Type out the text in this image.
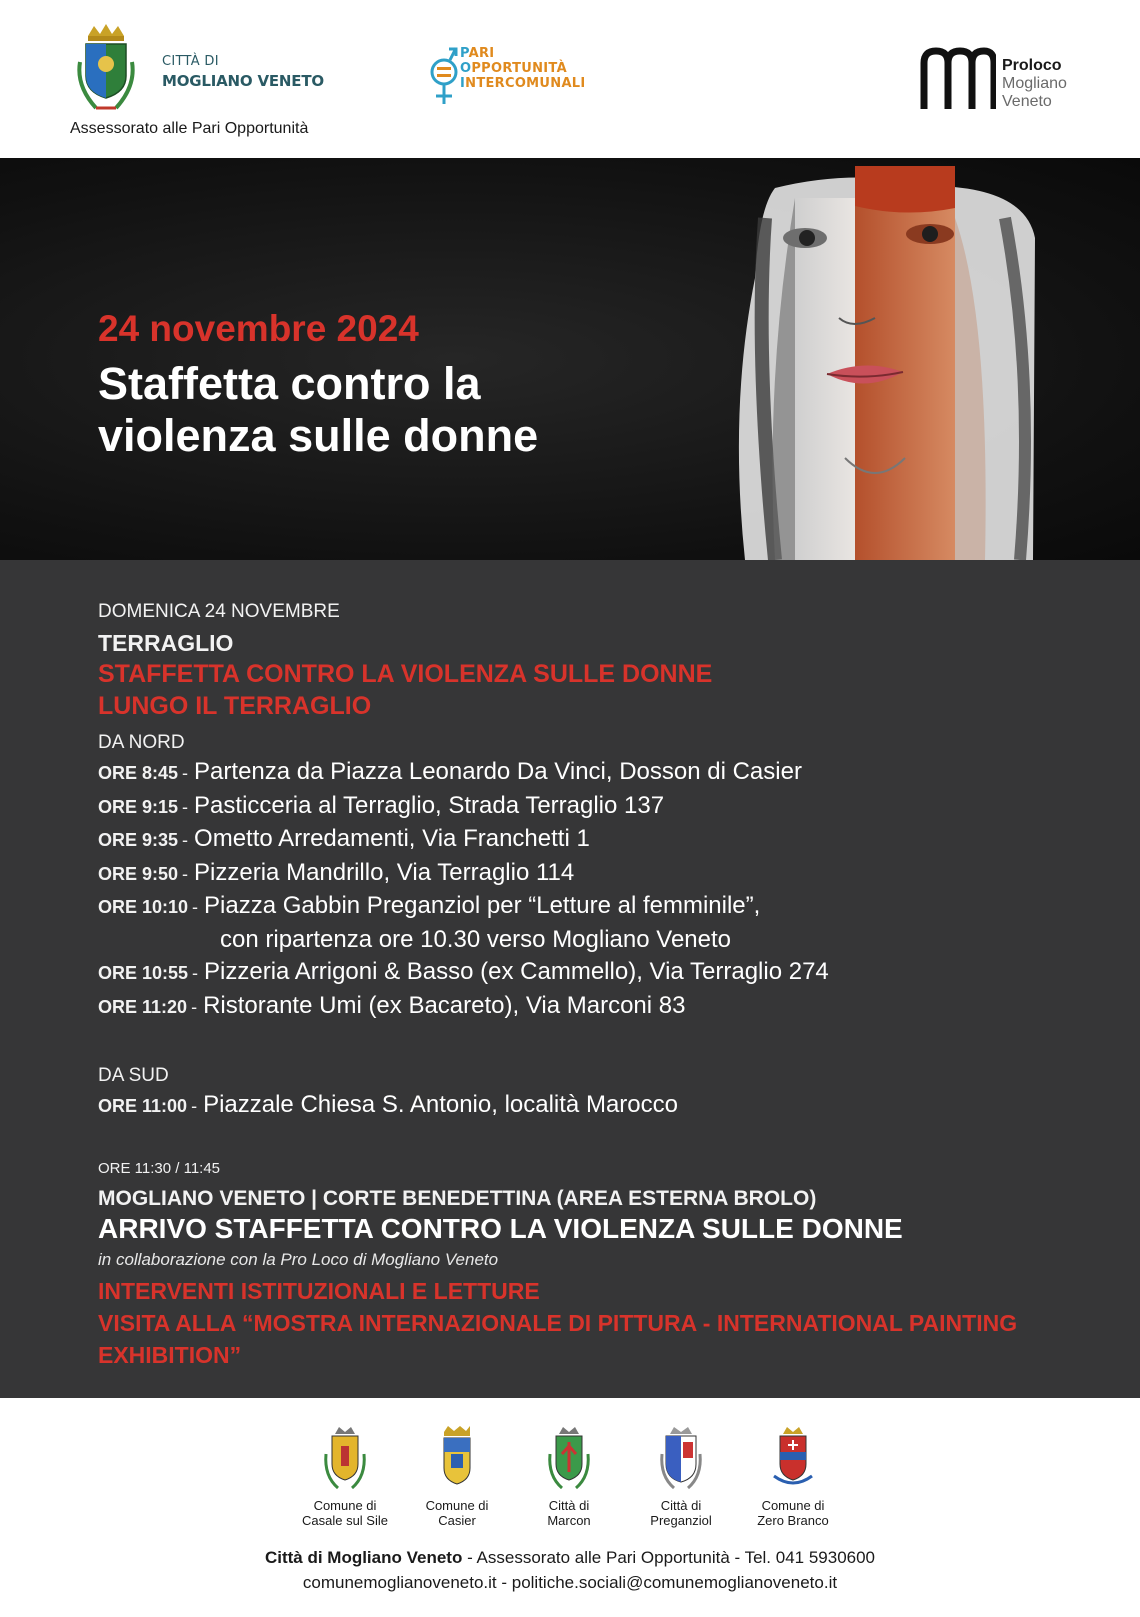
CITTÀ DI
MOGLIANO VENETO
Assessorato alle Pari Opportunità
PARI
OPPORTUNITÀ
INTERCOMUNALI
Proloco
Mogliano
Veneto
24 novembre 2024
Staffetta contro la
violenza sulle donne
DOMENICA 24 NOVEMBRE
TERRAGLIO
STAFFETTA CONTRO LA VIOLENZA SULLE DONNE
LUNGO IL TERRAGLIO
DA NORD
ORE 8:45 - Partenza da Piazza Leonardo Da Vinci, Dosson di Casier
ORE 9:15 - Pasticceria al Terraglio, Strada Terraglio 137
ORE 9:35 - Ometto Arredamenti, Via Franchetti 1
ORE 9:50 - Pizzeria Mandrillo, Via Terraglio 114
ORE 10:10 - Piazza Gabbin Preganziol per “Letture al femminile”,
con ripartenza ore 10.30 verso Mogliano Veneto
ORE 10:55 - Pizzeria Arrigoni & Basso (ex Cammello), Via Terraglio 274
ORE 11:20 - Ristorante Umi (ex Bacareto), Via Marconi 83
DA SUD
ORE 11:00 - Piazzale Chiesa S. Antonio, località Marocco
ORE 11:30 / 11:45
MOGLIANO VENETO | CORTE BENEDETTINA (AREA ESTERNA BROLO)
ARRIVO STAFFETTA CONTRO LA VIOLENZA SULLE DONNE
in collaborazione con la Pro Loco di Mogliano Veneto
INTERVENTI ISTITUZIONALI E LETTURE
VISITA ALLA “MOSTRA INTERNAZIONALE DI PITTURA - INTERNATIONAL PAINTING
EXHIBITION”
Comune di
Casale sul Sile
Comune di
Casier
Città di
Marcon
Città di
Preganziol
Comune di
Zero Branco
Città di Mogliano Veneto - Assessorato alle Pari Opportunità - Tel. 041 5930600
comunemoglianoveneto.it - politiche.sociali@comunemoglianoveneto.it
